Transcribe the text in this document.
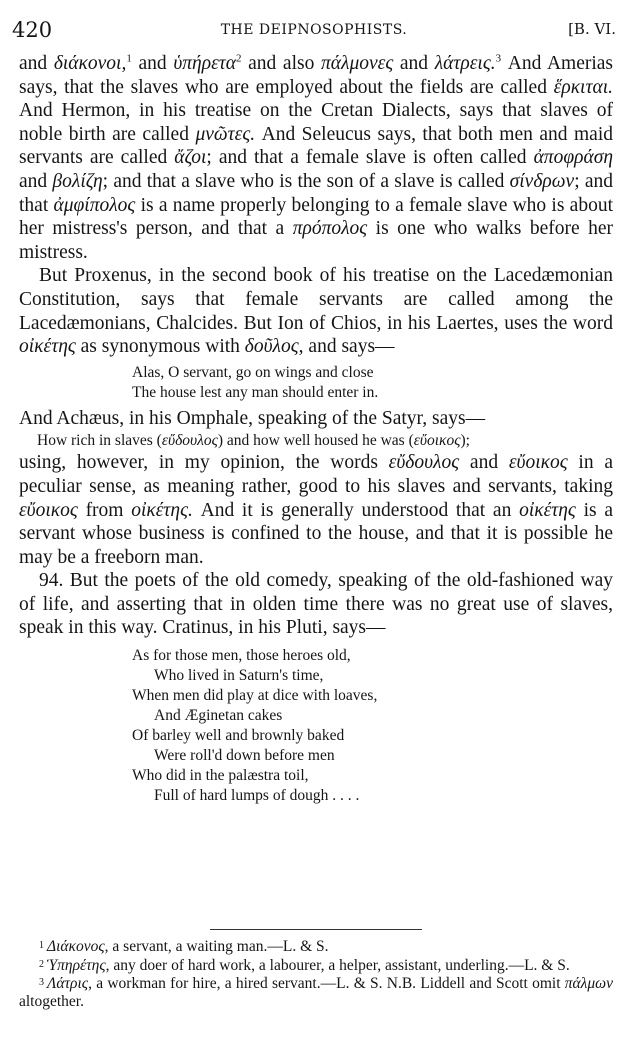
420	THE DEIPNOSOPHISTS.	[B. VI.

and διάκονοι,$^1$ and ὑπήρετα$^2$ and also πάλμονες and λάτρεις.$^3$ And Amerias says, that the slaves who are employed about the fields are called ἕρκιται. And Hermon, in his treatise on the Cretan Dialects, says that slaves of noble birth are called μνῶτες. And Seleucus says, that both men and maid servants are called ἄζοι; and that a female slave is often called ἀποφράση and βολίζη; and that a slave who is the son of a slave is called σίνδρων; and that ἀμφίπολος is a name properly belonging to a female slave who is about her mistress's person, and that a πρόπολος is one who walks before her mistress.

But Proxenus, in the second book of his treatise on the Lacedæmonian Constitution, says that female servants are called among the Lacedæmonians, Chalcides. But Ion of Chios, in his Laertes, uses the word οἰκέτης as synonymous with δοῦλος, and says—

Alas, O servant, go on wings and close
The house lest any man should enter in.

And Achæus, in his Omphale, speaking of the Satyr, says—

How rich in slaves (εὔδουλος) and how well housed he was (εὔοικος);

using, however, in my opinion, the words εὔδουλος and εὔοικος in a peculiar sense, as meaning rather, good to his slaves and servants, taking εὔοικος from οἰκέτης. And it is generally understood that an οἰκέτης is a servant whose business is confined to the house, and that it is possible he may be a freeborn man.

94. But the poets of the old comedy, speaking of the old-fashioned way of life, and asserting that in olden time there was no great use of slaves, speak in this way. Cratinus, in his Pluti, says—

As for those men, those heroes old,
Who lived in Saturn's time,
When men did play at dice with loaves,
And Æginetan cakes
Of barley well and brownly baked
Were roll'd down before men
Who did in the palæstra toil,
Full of hard lumps of dough . . . .

1 Διάκονος, a servant, a waiting man.—L. & S.

2 Ὑπηρέτης, any doer of hard work, a labourer, a helper, assistant, underling.—L. & S.

3 Λάτρις, a workman for hire, a hired servant.—L. & S. N.B. Liddell and Scott omit πάλμων altogether.
